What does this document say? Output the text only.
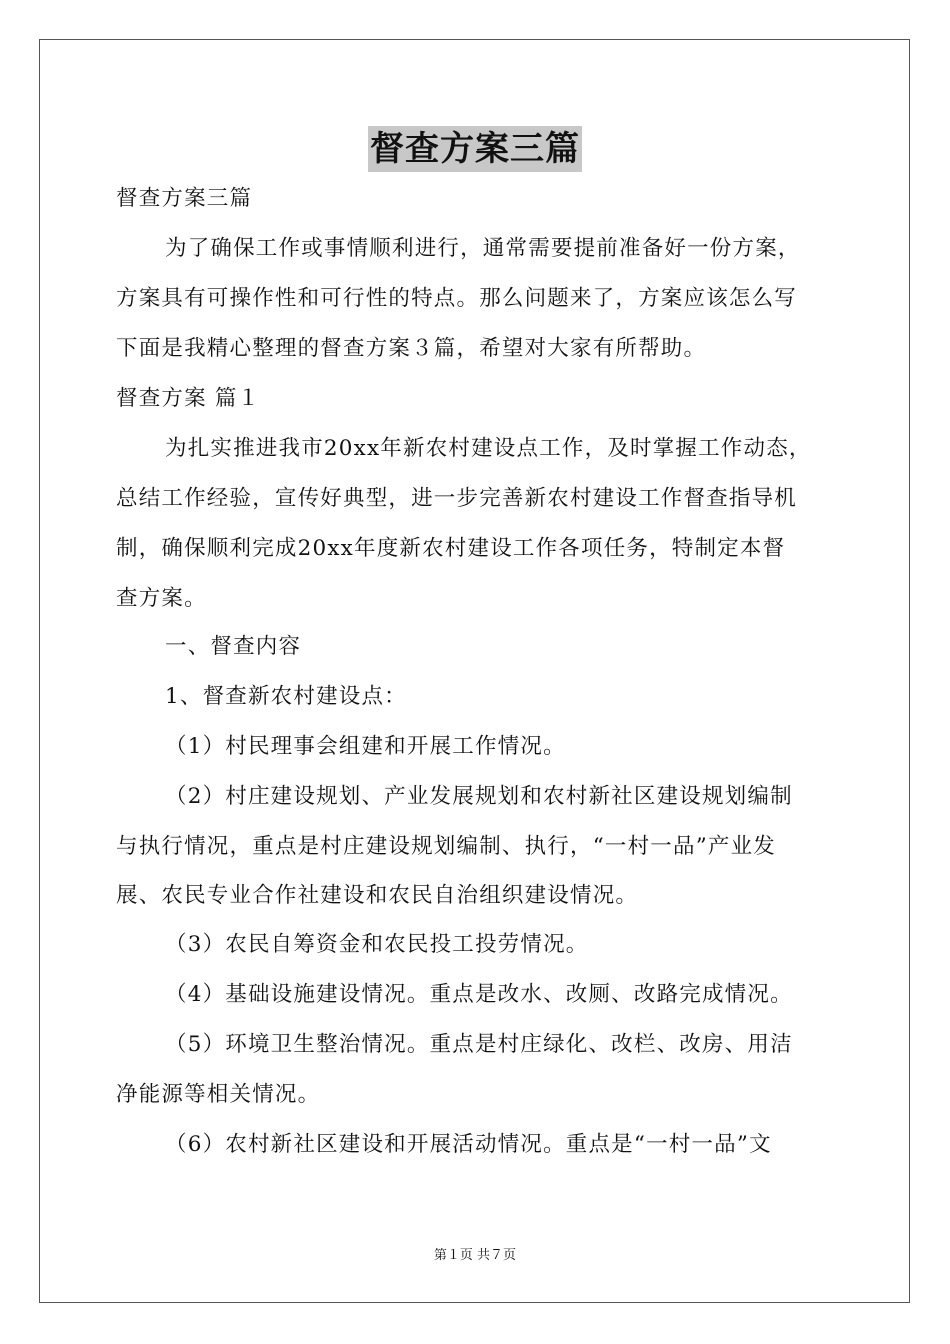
督查方案三篇
督查方案三篇
为了确保工作或事情顺利进行，通常需要提前准备好一份方案，
方案具有可操作性和可行性的特点。那么问题来了，方案应该怎么写
下面是我精心整理的督查方案３篇，希望对大家有所帮助。
督查方案 篇１
为扎实推进我市20xx年新农村建设点工作，及时掌握工作动态，
总结工作经验，宣传好典型，进一步完善新农村建设工作督查指导机
制，确保顺利完成20xx年度新农村建设工作各项任务，特制定本督
查方案。
一、督查内容
1、督查新农村建设点：
（1）村民理事会组建和开展工作情况。
（2）村庄建设规划、产业发展规划和农村新社区建设规划编制
与执行情况，重点是村庄建设规划编制、执行，“一村一品”产业发
展、农民专业合作社建设和农民自治组织建设情况。
（3）农民自筹资金和农民投工投劳情况。
（4）基础设施建设情况。重点是改水、改厕、改路完成情况。
（5）环境卫生整治情况。重点是村庄绿化、改栏、改房、用洁
净能源等相关情况。
（6）农村新社区建设和开展活动情况。重点是“一村一品”文
第１页 共７页
